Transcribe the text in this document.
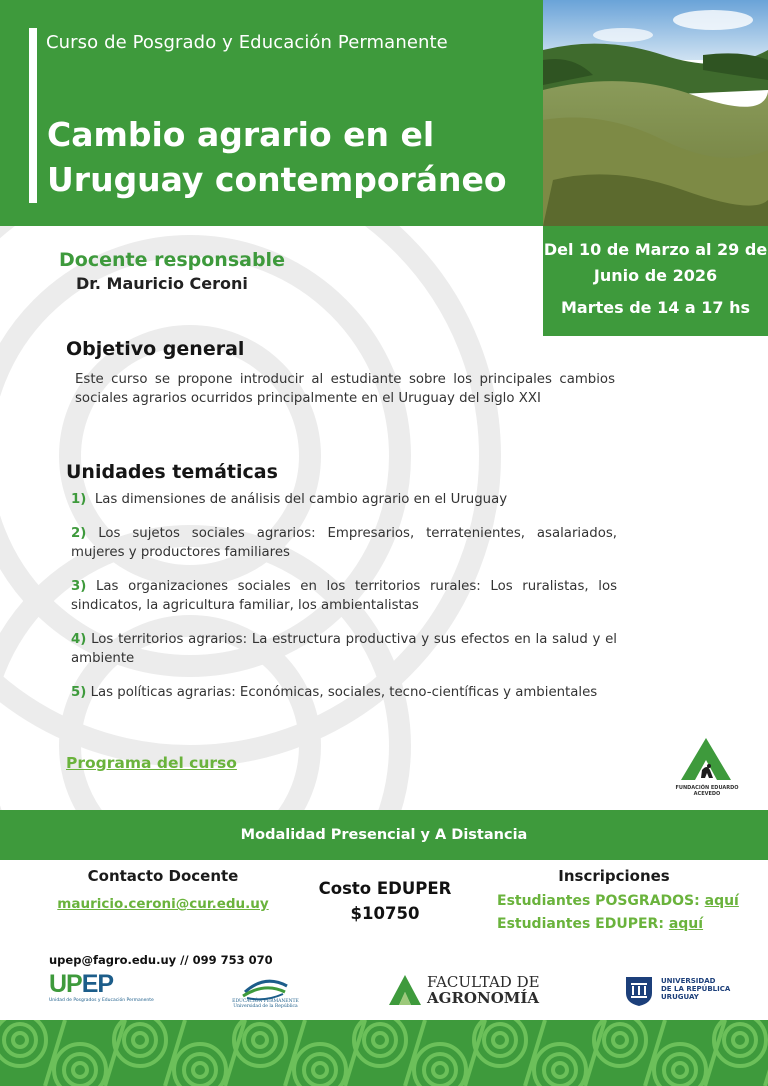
Curso de Posgrado y Educación Permanente
Cambio agrario en el Uruguay contemporáneo
Del 10 de Marzo al 29 de Junio de 2026
Martes de 14 a 17 hs
Docente responsable
Dr. Mauricio Ceroni
Objetivo general
Este curso se propone introducir al estudiante sobre los principales cambios sociales agrarios ocurridos principalmente en el Uruguay del siglo XXI
Unidades temáticas
1) Las dimensiones de análisis del cambio agrario en el Uruguay
2) Los sujetos sociales agrarios: Empresarios, terratenientes, asalariados, mujeres y productores familiares
3) Las organizaciones sociales en los territorios rurales: Los ruralistas, los sindicatos, la agricultura familiar, los ambientalistas
4) Los territorios agrarios: La estructura productiva y sus efectos en la salud y el ambiente
5) Las políticas agrarias: Económicas, sociales, tecno-científicas y ambientales
Programa del curso
FUNDACIÓN EDUARDO ACEVEDO
Modalidad Presencial y A Distancia
Contacto Docente
mauricio.ceroni@cur.edu.uy
Costo EDUPER
$10750
Inscripciones
Estudiantes POSGRADOS: aquí
Estudiantes EDUPER: aquí
upep@fagro.edu.uy // 099 753 070
UPEP
Unidad de Posgrados y Educación Permanente	EDUCACIÓN PERMANENTE
Universidad de la República
FACULTAD DE
AGRONOMÍA
UNIVERSIDAD
DE LA REPÚBLICA
URUGUAY
